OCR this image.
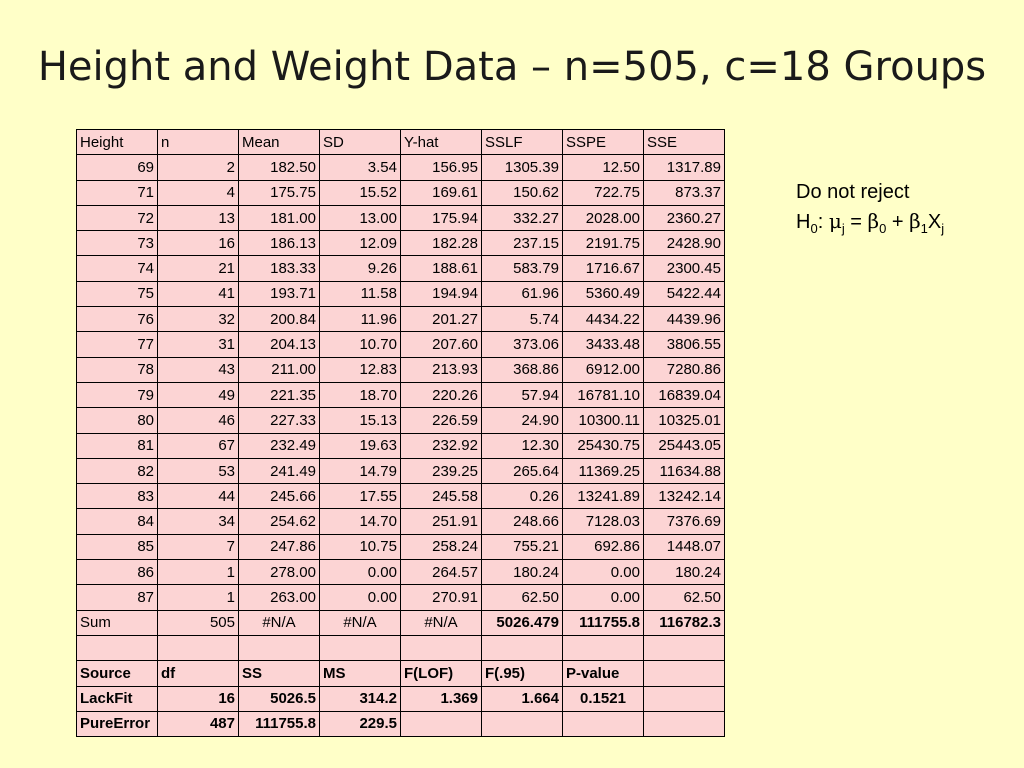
Height and Weight Data – n=505, c=18 Groups
Height	n	Mean	SD	Y-hat	SSLF	SSPE	SSE
69	2	182.50	3.54	156.95	1305.39	12.50	1317.89
71	4	175.75	15.52	169.61	150.62	722.75	873.37
72	13	181.00	13.00	175.94	332.27	2028.00	2360.27
73	16	186.13	12.09	182.28	237.15	2191.75	2428.90
74	21	183.33	9.26	188.61	583.79	1716.67	2300.45
75	41	193.71	11.58	194.94	61.96	5360.49	5422.44
76	32	200.84	11.96	201.27	5.74	4434.22	4439.96
77	31	204.13	10.70	207.60	373.06	3433.48	3806.55
78	43	211.00	12.83	213.93	368.86	6912.00	7280.86
79	49	221.35	18.70	220.26	57.94	16781.10	16839.04
80	46	227.33	15.13	226.59	24.90	10300.11	10325.01
81	67	232.49	19.63	232.92	12.30	25430.75	25443.05
82	53	241.49	14.79	239.25	265.64	11369.25	11634.88
83	44	245.66	17.55	245.58	0.26	13241.89	13242.14
84	34	254.62	14.70	251.91	248.66	7128.03	7376.69
85	7	247.86	10.75	258.24	755.21	692.86	1448.07
86	1	278.00	0.00	264.57	180.24	0.00	180.24
87	1	263.00	0.00	270.91	62.50	0.00	62.50
Sum	505	#N/A	#N/A	#N/A	5026.479	111755.8	116782.3

Source	df	SS	MS	F(LOF)	F(.95)	P-value	
LackFit	16	5026.5	314.2	1.369	1.664	0.1521	
PureError	487	111755.8	229.5				
Do not reject
$H_0$: $\mu_j = \beta_0 + \beta_1X_j$
